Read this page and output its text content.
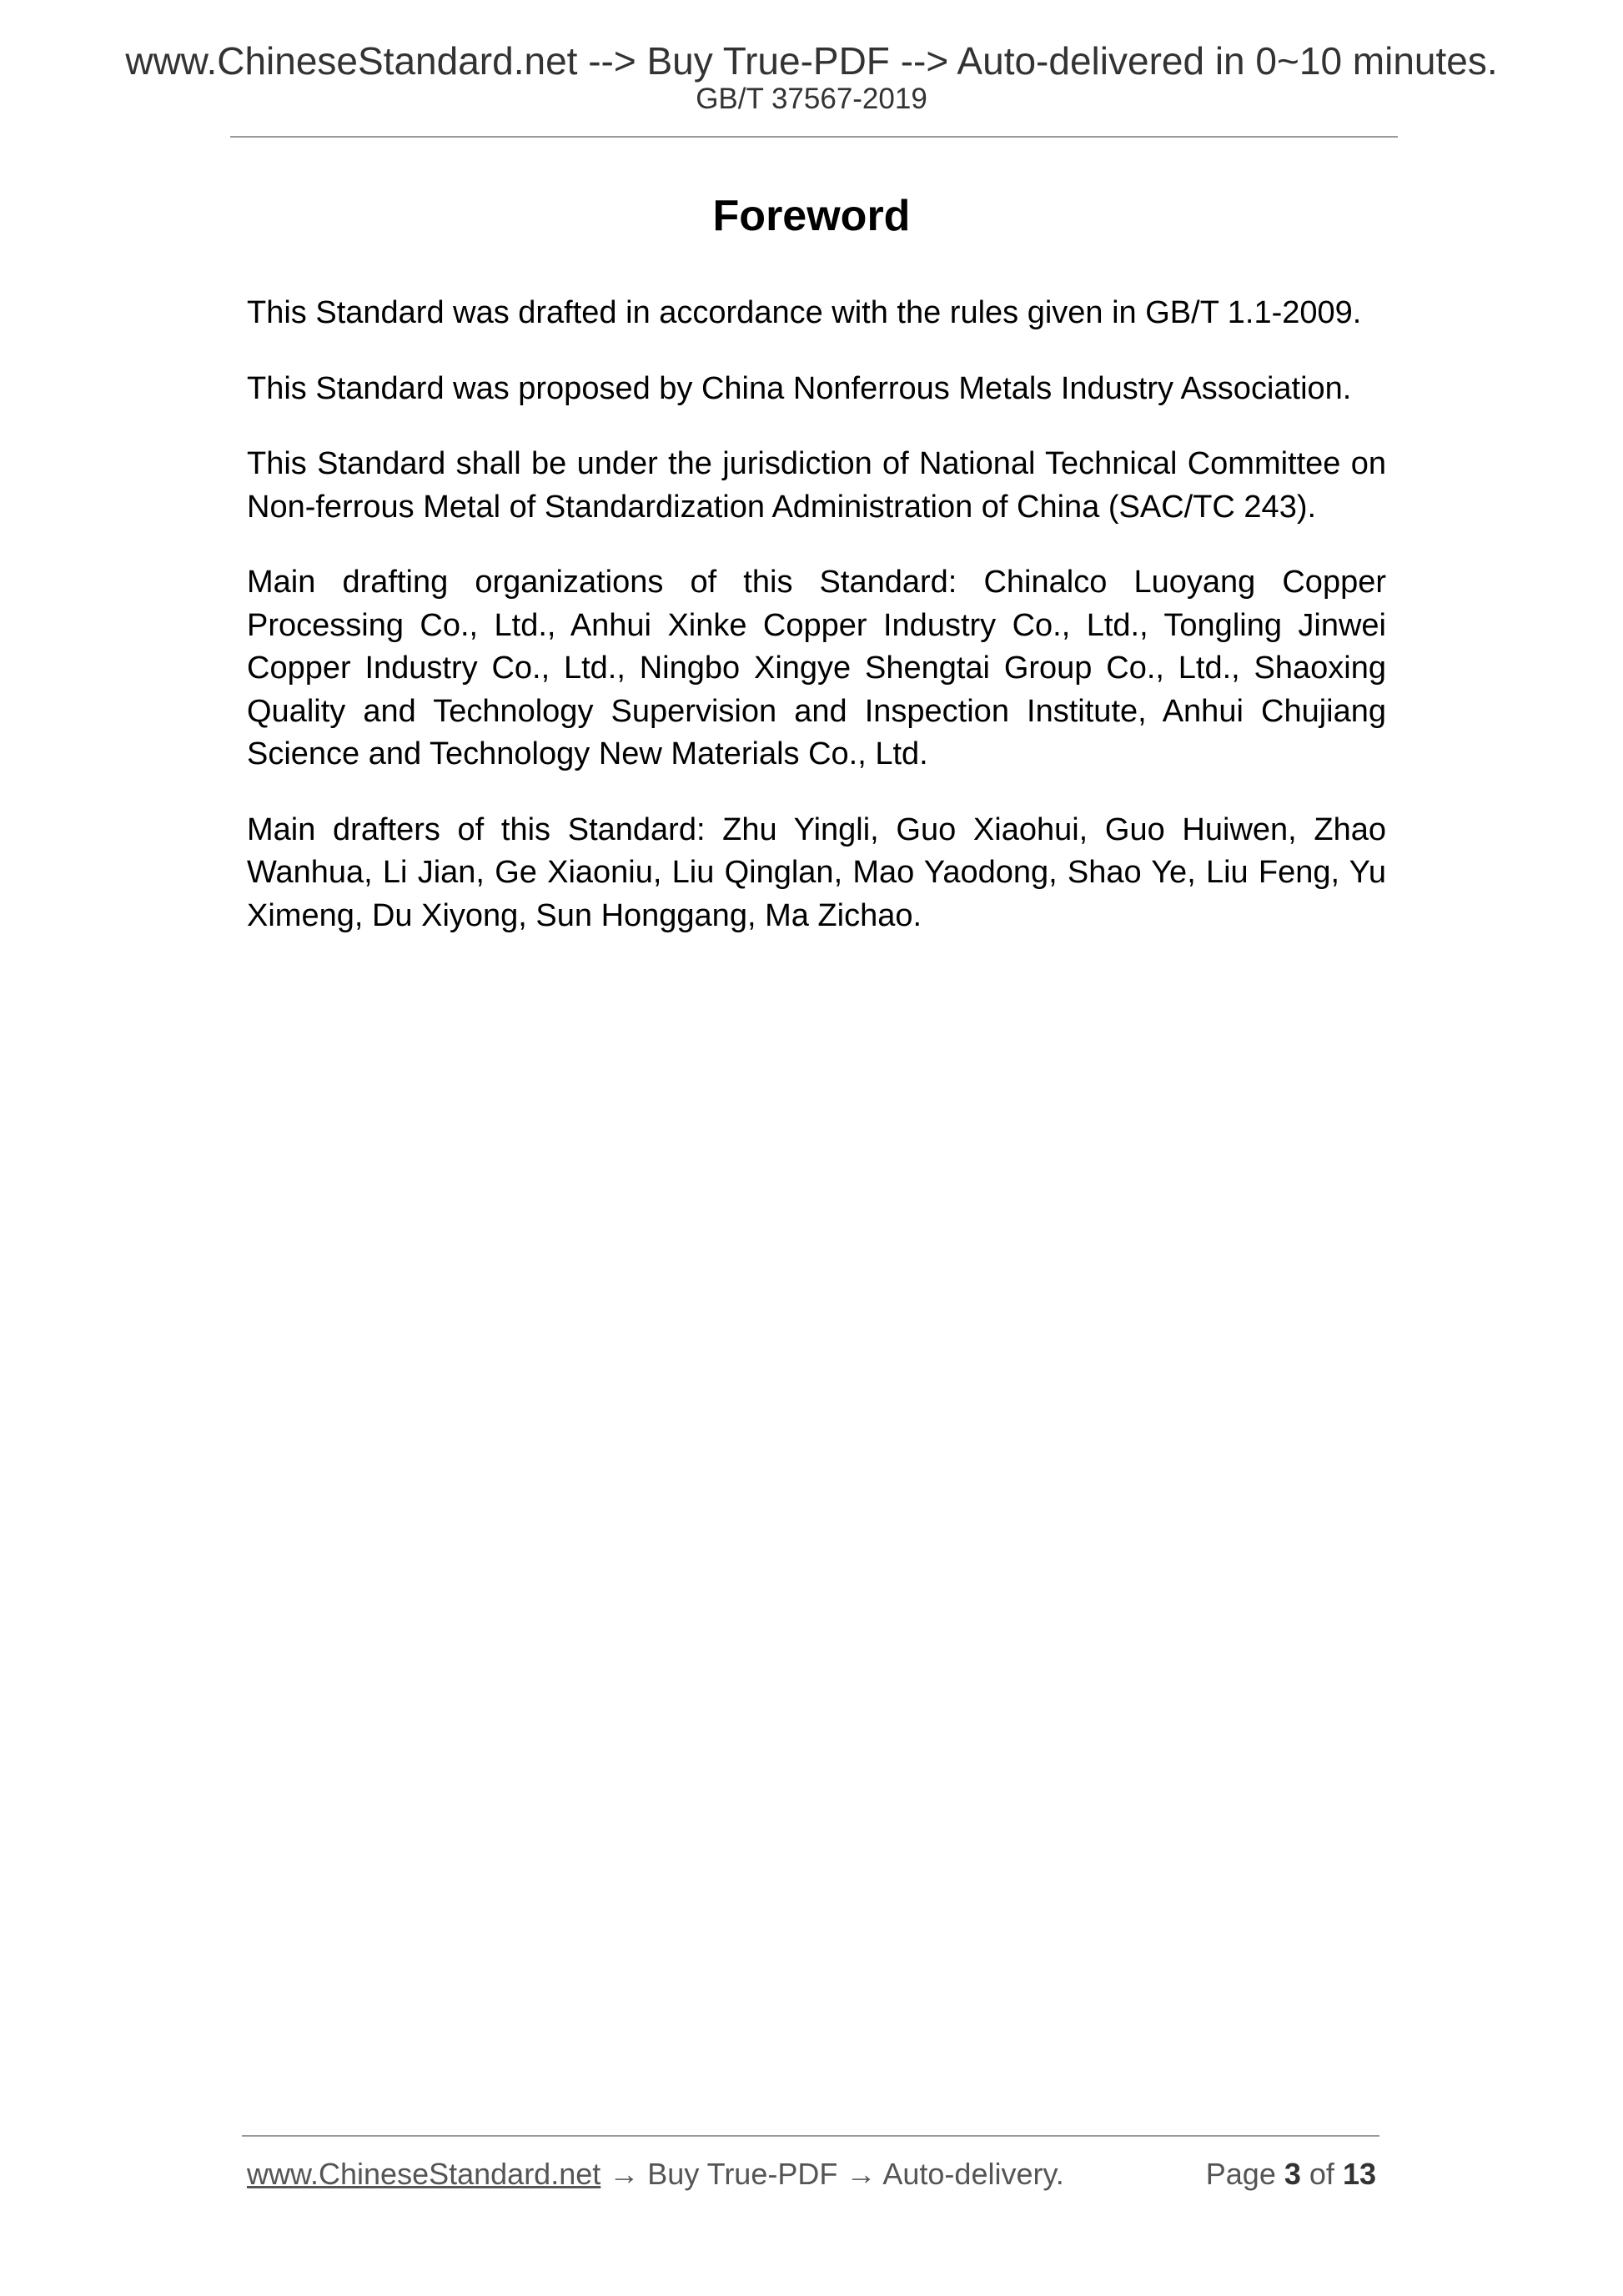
www.ChineseStandard.net --> Buy True-PDF --> Auto-delivered in 0~10 minutes.
GB/T 37567-2019
Foreword

This Standard was drafted in accordance with the rules given in GB/T 1.1-2009.

This Standard was proposed by China Nonferrous Metals Industry Association.

This Standard shall be under the jurisdiction of National Technical Committee on Non-ferrous Metal of Standardization Administration of China (SAC/TC 243).

Main drafting organizations of this Standard: Chinalco Luoyang Copper Processing Co., Ltd., Anhui Xinke Copper Industry Co., Ltd., Tongling Jinwei Copper Industry Co., Ltd., Ningbo Xingye Shengtai Group Co., Ltd., Shaoxing Quality and Technology Supervision and Inspection Institute, Anhui Chujiang Science and Technology New Materials Co., Ltd.

Main drafters of this Standard: Zhu Yingli, Guo Xiaohui, Guo Huiwen, Zhao Wanhua, Li Jian, Ge Xiaoniu, Liu Qinglan, Mao Yaodong, Shao Ye, Liu Feng, Yu Ximeng, Du Xiyong, Sun Honggang, Ma Zichao.

www.ChineseStandard.net → Buy True-PDF → Auto-delivery.	Page 3 of 13
